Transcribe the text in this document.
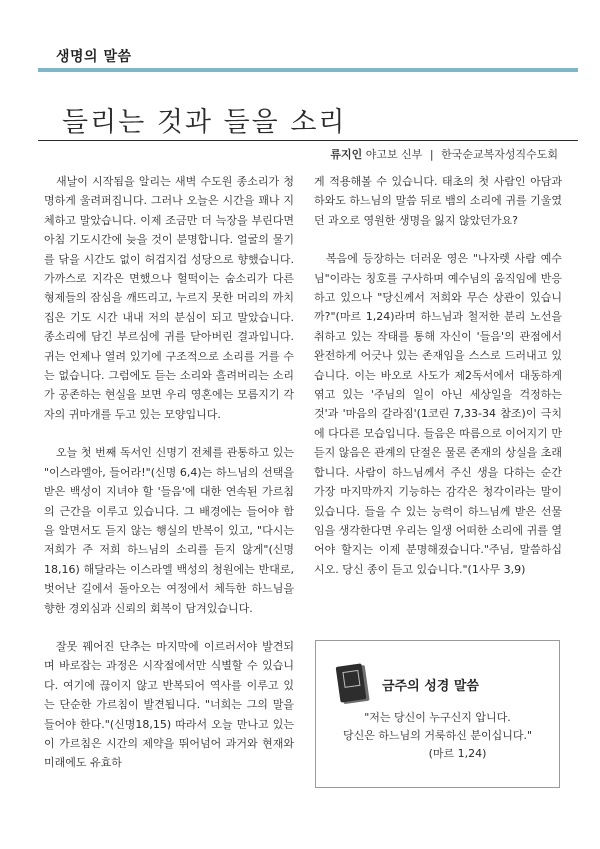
생명의 말씀
들리는 것과 들을 소리
류지인 야고보 신부 | 한국순교복자성직수도회

새날이 시작됨을 알리는 새벽 수도원 종소리가 청명하게 울려퍼집니다. 그러나 오늘은 시간을 꽤나 지체하고 말았습니다. 이제 조금만 더 늑장을 부린다면 아침 기도시간에 늦을 것이 분명합니다. 얼굴의 물기를 닦을 시간도 없이 허겁지겁 성당으로 향했습니다. 가까스로 지각은 면했으나 헐떡이는 숨소리가 다른 형제들의 잠심을 깨뜨리고, 누르지 못한 머리의 까치집은 기도 시간 내내 저의 분심이 되고 말았습니다. 종소리에 담긴 부르심에 귀를 닫아버린 결과입니다. 귀는 언제나 열려 있기에 구조적으로 소리를 거를 수는 없습니다. 그럼에도 듣는 소리와 흘려버리는 소리가 공존하는 현실을 보면 우리 영혼에는 모름지기 각자의 귀마개를 두고 있는 모양입니다.

오늘 첫 번째 독서인 신명기 전체를 관통하고 있는 "이스라엘아, 들어라!"(신명 6,4)는 하느님의 선택을 받은 백성이 지녀야 할 '들음'에 대한 연속된 가르침의 근간을 이루고 있습니다. 그 배경에는 들어야 함을 알면서도 듣지 않는 행실의 반복이 있고, "다시는 저희가 주 저희 하느님의 소리를 듣지 않게"(신명 18,16) 해달라는 이스라엘 백성의 청원에는 반대로, 벗어난 길에서 돌아오는 여정에서 체득한 하느님을 향한 경외심과 신뢰의 회복이 담겨있습니다.

잘못 꿰어진 단추는 마지막에 이르러서야 발견되며 바로잡는 과정은 시작점에서만 식별할 수 있습니다. 여기에 끊이지 않고 반복되어 역사를 이루고 있는 단순한 가르침이 발견됩니다. "너희는 그의 말을 들어야 한다."(신명18,15) 따라서 오늘 만나고 있는 이 가르침은 시간의 제약을 뛰어넘어 과거와 현재와 미래에도 유효하

게 적용해볼 수 있습니다. 태초의 첫 사람인 아담과 하와도 하느님의 말씀 뒤로 뱀의 소리에 귀를 기울였던 과오로 영원한 생명을 잃지 않았던가요?

복음에 등장하는 더러운 영은 "나자렛 사람 예수님"이라는 칭호를 구사하며 예수님의 움직임에 반응하고 있으나 "당신께서 저희와 무슨 상관이 있습니까?"(마르 1,24)라며 하느님과 철저한 분리 노선을 취하고 있는 작태를 통해 자신이 '들음'의 관점에서 완전하게 어긋나 있는 존재임을 스스로 드러내고 있습니다. 이는 바오로 사도가 제2독서에서 대동하게 엮고 있는 '주님의 일이 아닌 세상일을 걱정하는 것'과 '마음의 갈라짐'(1코린 7,33-34 참조)이 극치에 다다른 모습입니다. 들음은 따름으로 이어지기 만 듣지 않음은 관계의 단절은 물론 존재의 상실을 초래합니다. 사람이 하느님께서 주신 생을 다하는 순간 가장 마지막까지 기능하는 감각은 청각이라는 말이 있습니다. 들을 수 있는 능력이 하느님께 받은 선물임을 생각한다면 우리는 일생 어떠한 소리에 귀를 열어야 할지는 이제 분명해졌습니다."주님, 말씀하십시오. 당신 종이 듣고 있습니다."(1사무 3,9)

금주의 성경 말씀
"저는 당신이 누구신지 압니다.
당신은 하느님의 거룩하신 분이십니다."
(마르 1,24)
